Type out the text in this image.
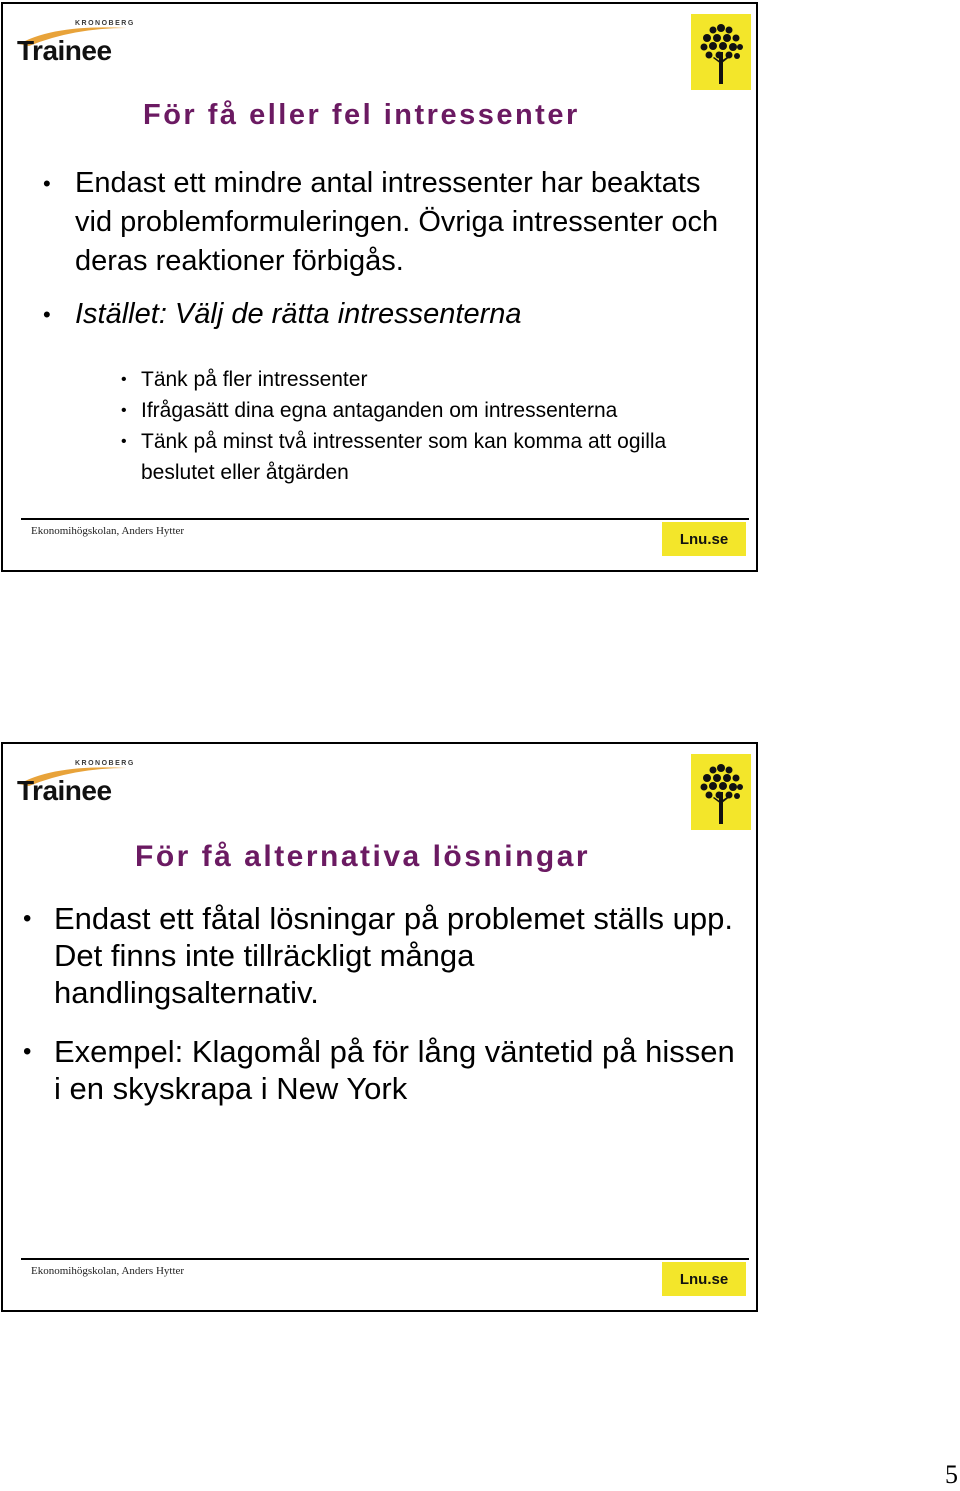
KRONOBERG
Trainee
För få eller fel intressenter
• Endast ett mindre antal intressenter har beaktats vid problemformuleringen. Övriga intressenter och deras reaktioner förbigås.
• Istället: Välj de rätta intressenterna
• Tänk på fler intressenter
• Ifrågasätt dina egna antaganden om intressenterna
• Tänk på minst två intressenter som kan komma att ogilla beslutet eller åtgärden
Ekonomihögskolan, Anders Hytter	Lnu.se
KRONOBERG
Trainee
För få alternativa lösningar
• Endast ett fåtal lösningar på problemet ställs upp. Det finns inte tillräckligt många handlingsalternativ.
• Exempel: Klagomål på för lång väntetid på hissen i en skyskrapa i New York
Ekonomihögskolan, Anders Hytter	Lnu.se
5
